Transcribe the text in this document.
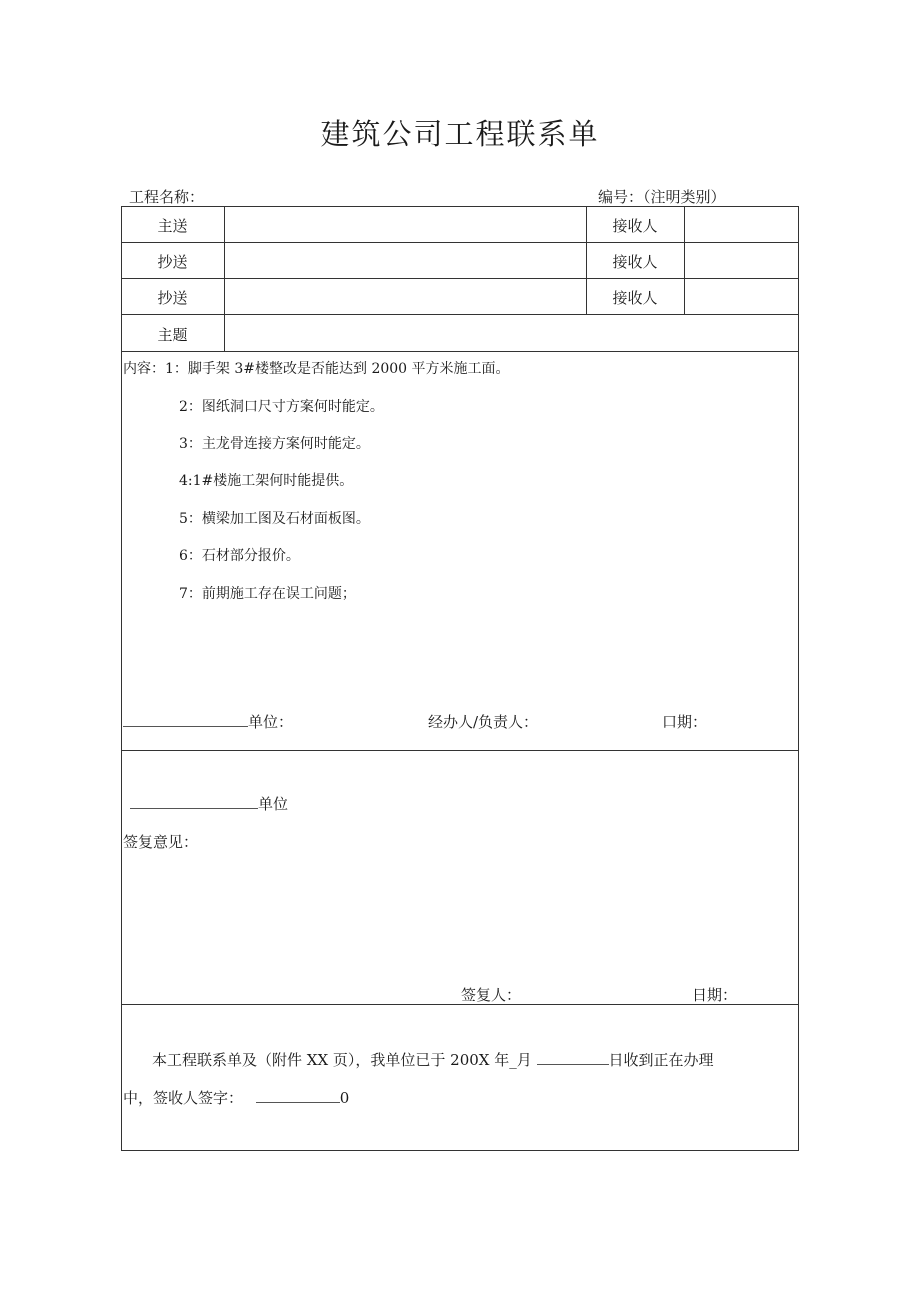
建筑公司工程联系单
工程名称：	编号：（注明类别）
主送	接收人
抄送	接收人
抄送	接收人
主题
内容：1：脚手架 3#楼整改是否能达到 2000 平方米施工面。
2：图纸洞口尺寸方案何时能定。
3：主龙骨连接方案何时能定。
4:1#楼施工架何时能提供。
5：横梁加工图及石材面板图。
6：石材部分报价。
7：前期施工存在误工问题；
单位：	经办人/负责人：	口期：
单位
签复意见：
签复人：	日期：
本工程联系单及（附件 XX 页），我单位已于 200X 年_月	日收到正在办理
中，签收人签字：	0
